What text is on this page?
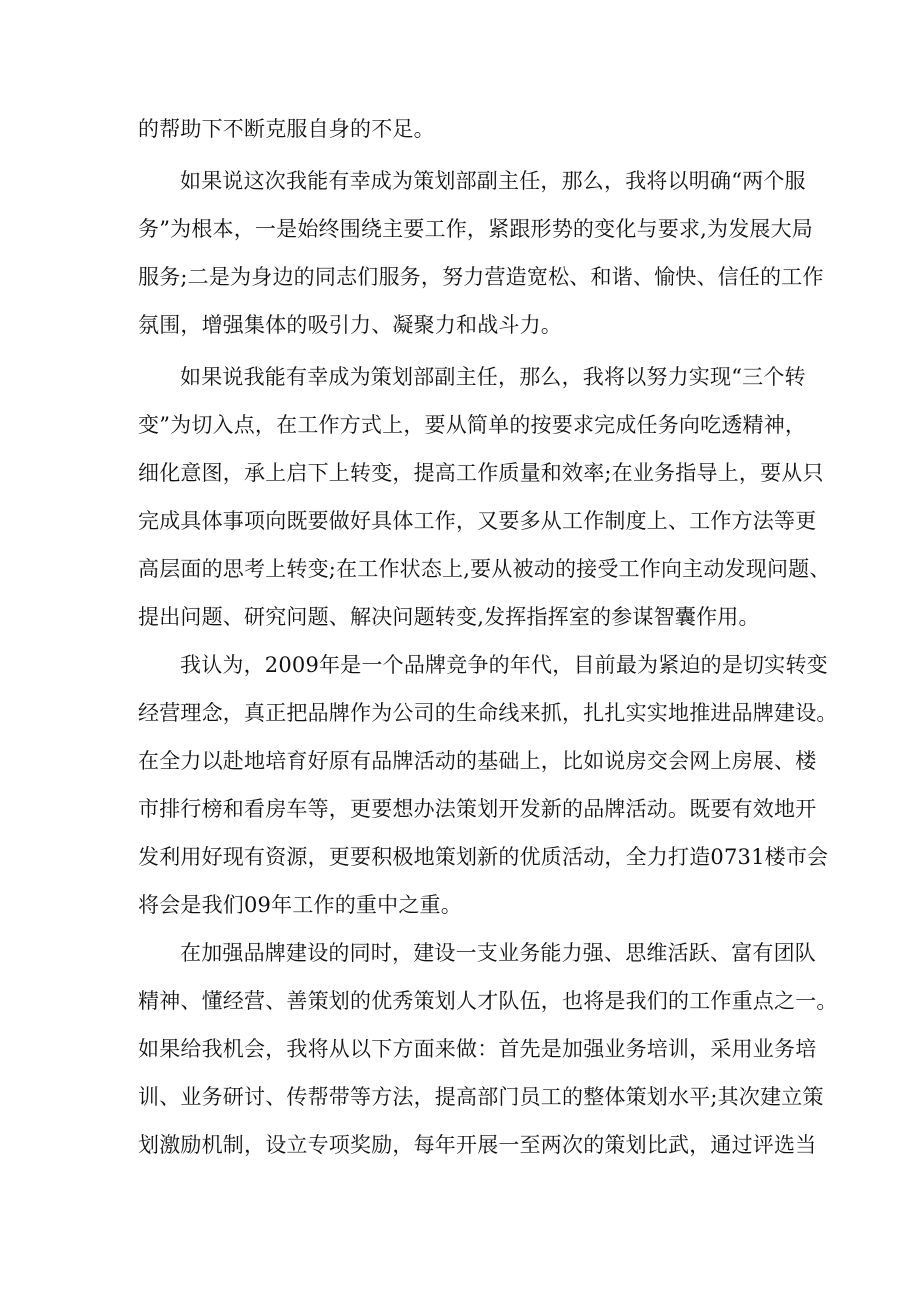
的帮助下不断克服自身的不足。
如果说这次我能有幸成为策划部副主任，那么，我将以明确“两个服
务”为根本，一是始终围绕主要工作，紧跟形势的变化与要求,为发展大局
服务;二是为身边的同志们服务，努力营造宽松、和谐、愉快、信任的工作
氛围，增强集体的吸引力、凝聚力和战斗力。
如果说我能有幸成为策划部副主任，那么，我将以努力实现“三个转
变”为切入点，在工作方式上，要从简单的按要求完成任务向吃透精神，
细化意图，承上启下上转变，提高工作质量和效率;在业务指导上，要从只
完成具体事项向既要做好具体工作，又要多从工作制度上、工作方法等更
高层面的思考上转变;在工作状态上,要从被动的接受工作向主动发现问题、
提出问题、研究问题、解决问题转变,发挥指挥室的参谋智囊作用。
我认为，2009年是一个品牌竞争的年代，目前最为紧迫的是切实转变
经营理念，真正把品牌作为公司的生命线来抓，扎扎实实地推进品牌建设。
在全力以赴地培育好原有品牌活动的基础上，比如说房交会网上房展、楼
市排行榜和看房车等，更要想办法策划开发新的品牌活动。既要有效地开
发利用好现有资源，更要积极地策划新的优质活动，全力打造0731楼市会
将会是我们09年工作的重中之重。
在加强品牌建设的同时，建设一支业务能力强、思维活跃、富有团队
精神、懂经营、善策划的优秀策划人才队伍，也将是我们的工作重点之一。
如果给我机会，我将从以下方面来做：首先是加强业务培训，采用业务培
训、业务研讨、传帮带等方法，提高部门员工的整体策划水平;其次建立策
划激励机制，设立专项奖励，每年开展一至两次的策划比武，通过评选当
